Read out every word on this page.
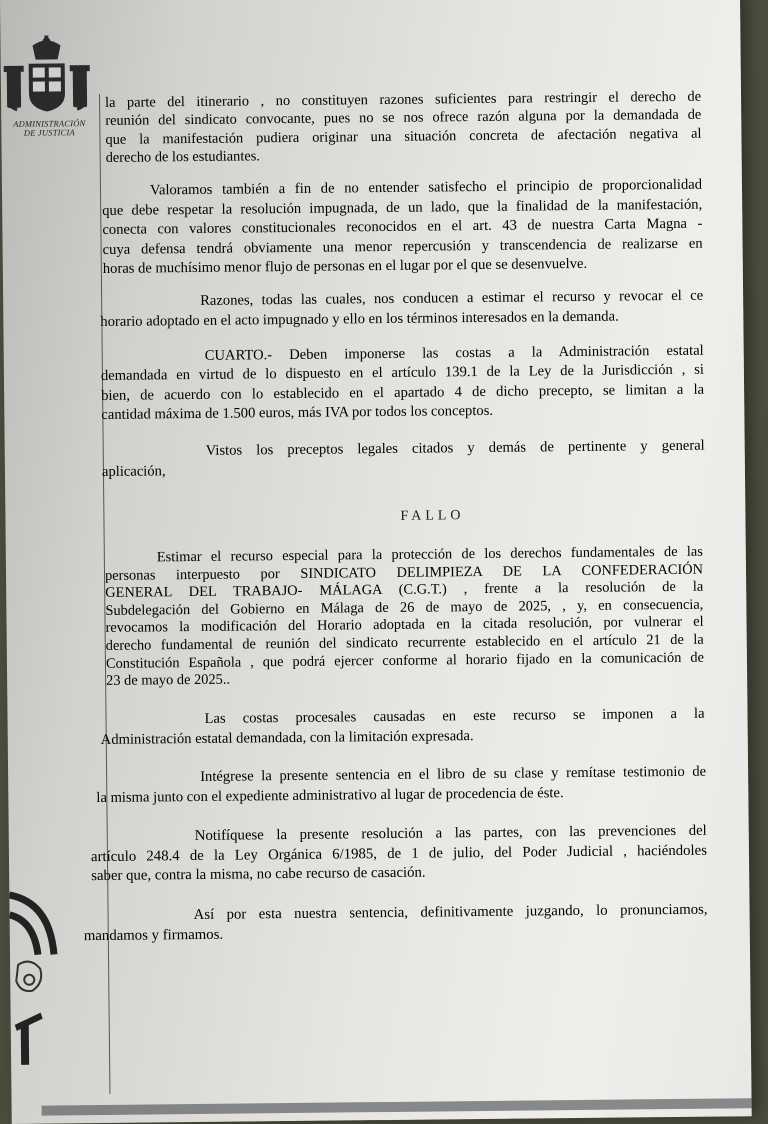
ADMINISTRACIÓN
DE JUSTICIA
la parte del itinerario , no constituyen razones suficientes para restringir el derecho de
reunión del sindicato convocante, pues no se nos ofrece razón alguna por la demandada de
que la manifestación pudiera originar una situación concreta de afectación negativa al
derecho de los estudiantes.
Valoramos también a fin de no entender satisfecho el principio de proporcionalidad
que debe respetar la resolución impugnada, de un lado, que la finalidad de la manifestación,
conecta con valores constitucionales reconocidos en el art. 43 de nuestra Carta Magna -
cuya defensa tendrá obviamente una menor repercusión y transcendencia de realizarse en
horas de muchísimo menor flujo de personas en el lugar por el que se desenvuelve.
Razones, todas las cuales, nos conducen a estimar el recurso y revocar el ce
horario adoptado en el acto impugnado y ello en los términos interesados en la demanda.
CUARTO.- Deben imponerse las costas a la Administración estatal
demandada en virtud de lo dispuesto en el artículo 139.1 de la Ley de la Jurisdicción , si
bien, de acuerdo con lo establecido en el apartado 4 de dicho precepto, se limitan a la
cantidad máxima de 1.500 euros, más IVA por todos los conceptos.
Vistos los preceptos legales citados y demás de pertinente y general
aplicación,
FALLO
Estimar el recurso especial para la protección de los derechos fundamentales de las
personas interpuesto por SINDICATO DELIMPIEZA DE LA CONFEDERACIÓN
GENERAL DEL TRABAJO- MÁLAGA (C.G.T.) , frente a la resolución de la
Subdelegación del Gobierno en Málaga de 26 de mayo de 2025, , y, en consecuencia,
revocamos la modificación del Horario adoptada en la citada resolución, por vulnerar el
derecho fundamental de reunión del sindicato recurrente establecido en el artículo 21 de la
Constitución Española , que podrá ejercer conforme al horario fijado en la comunicación de
23 de mayo de 2025..
Las costas procesales causadas en este recurso se imponen a la
Administración estatal demandada, con la limitación expresada.
Intégrese la presente sentencia en el libro de su clase y remítase testimonio de
la misma junto con el expediente administrativo al lugar de procedencia de éste.
Notifíquese la presente resolución a las partes, con las prevenciones del
artículo 248.4 de la Ley Orgánica 6/1985, de 1 de julio, del Poder Judicial , haciéndoles
saber que, contra la misma, no cabe recurso de casación.
Así por esta nuestra sentencia, definitivamente juzgando, lo pronunciamos,
mandamos y firmamos.
